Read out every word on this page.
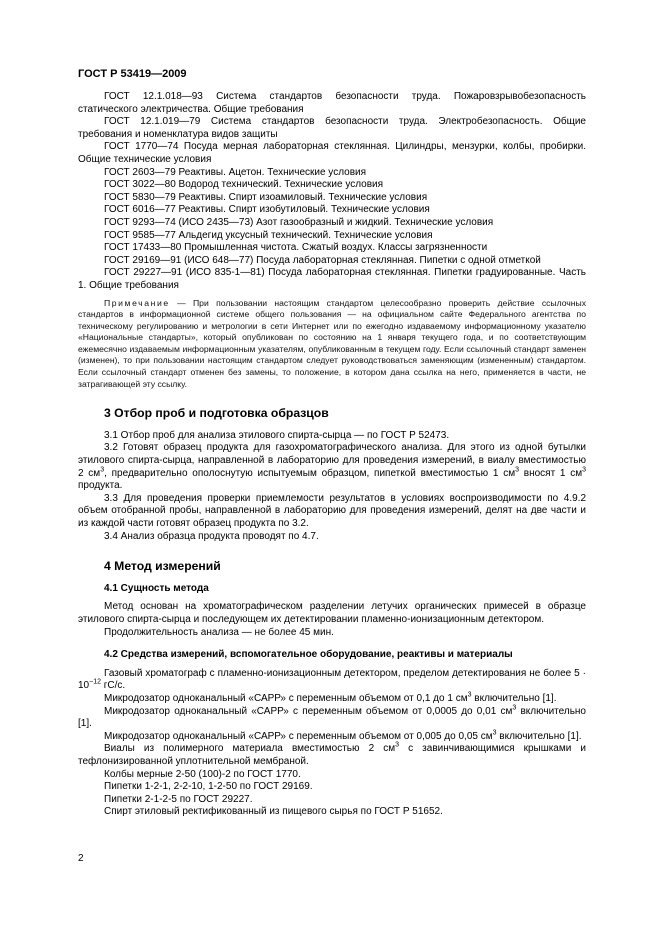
ГОСТ Р 53419—2009

ГОСТ 12.1.018—93 Система стандартов безопасности труда. Пожаровзрывобезопасность статического электричества. Общие требования

ГОСТ 12.1.019—79 Система стандартов безопасности труда. Электробезопасность. Общие требования и номенклатура видов защиты

ГОСТ 1770—74 Посуда мерная лабораторная стеклянная. Цилиндры, мензурки, колбы, пробирки. Общие технические условия

ГОСТ 2603—79 Реактивы. Ацетон. Технические условия

ГОСТ 3022—80 Водород технический. Технические условия

ГОСТ 5830—79 Реактивы. Спирт изоамиловый. Технические условия

ГОСТ 6016—77 Реактивы. Спирт изобутиловый. Технические условия

ГОСТ 9293—74 (ИСО 2435—73) Азот газообразный и жидкий. Технические условия

ГОСТ 9585—77 Альдегид уксусный технический. Технические условия

ГОСТ 17433—80 Промышленная чистота. Сжатый воздух. Классы загрязненности

ГОСТ 29169—91 (ИСО 648—77) Посуда лабораторная стеклянная. Пипетки с одной отметкой

ГОСТ 29227—91 (ИСО 835-1—81) Посуда лабораторная стеклянная. Пипетки градуированные. Часть 1. Общие требования

Примечание — При пользовании настоящим стандартом целесообразно проверить действие ссылочных стандартов в информационной системе общего пользования — на официальном сайте Федерального агентства по техническому регулированию и метрологии в сети Интернет или по ежегодно издаваемому информационному указателю «Национальные стандарты», который опубликован по состоянию на 1 января текущего года, и по соответствующим ежемесячно издаваемым информационным указателям, опубликованным в текущем году. Если ссылочный стандарт заменен (изменен), то при пользовании настоящим стандартом следует руководствоваться заменяющим (измененным) стандартом. Если ссылочный стандарт отменен без замены, то положение, в котором дана ссылка на него, применяется в части, не затрагивающей эту ссылку.

3 Отбор проб и подготовка образцов

3.1 Отбор проб для анализа этилового спирта-сырца — по ГОСТ Р 52473.

3.2 Готовят образец продукта для газохроматографического анализа. Для этого из одной бутылки этилового спирта-сырца, направленной в лабораторию для проведения измерений, в виалу вместимостью 2 $см^3$, предварительно ополоснутую испытуемым образцом, пипеткой вместимостью 1 $см^3$ вносят 1 $см^3$ продукта.

3.3 Для проведения проверки приемлемости результатов в условиях воспроизводимости по 4.9.2 объем отобранной пробы, направленной в лабораторию для проведения измерений, делят на две части и из каждой части готовят образец продукта по 3.2.

3.4 Анализ образца продукта проводят по 4.7.

4 Метод измерений
4.1 Сущность метода

Метод основан на хроматографическом разделении летучих органических примесей в образце этилового спирта-сырца и последующем их детектировании пламенно-ионизационным детектором.

Продолжительность анализа — не более 45 мин.

4.2 Средства измерений, вспомогательное оборудование, реактивы и материалы

Газовый хроматограф с пламенно-ионизационным детектором, пределом детектирования не более $5 \cdot 10^{-12}$ гС/с.

Микродозатор одноканальный «САРР» с переменным объемом от 0,1 до 1 $см^3$ включительно [1].

Микродозатор одноканальный «САРР» с переменным объемом от 0,0005 до 0,01 $см^3$ включительно [1].

Микродозатор одноканальный «САРР» с переменным объемом от 0,005 до 0,05 $см^3$ включительно [1].

Виалы из полимерного материала вместимостью 2 $см^3$ с завинчивающимися крышками и тефлонизированной уплотнительной мембраной.

Колбы мерные 2-50 (100)-2 по ГОСТ 1770.

Пипетки 1-2-1, 2-2-10, 1-2-50 по ГОСТ 29169.

Пипетки 2-1-2-5 по ГОСТ 29227.

Спирт этиловый ректификованный из пищевого сырья по ГОСТ Р 51652.

2
